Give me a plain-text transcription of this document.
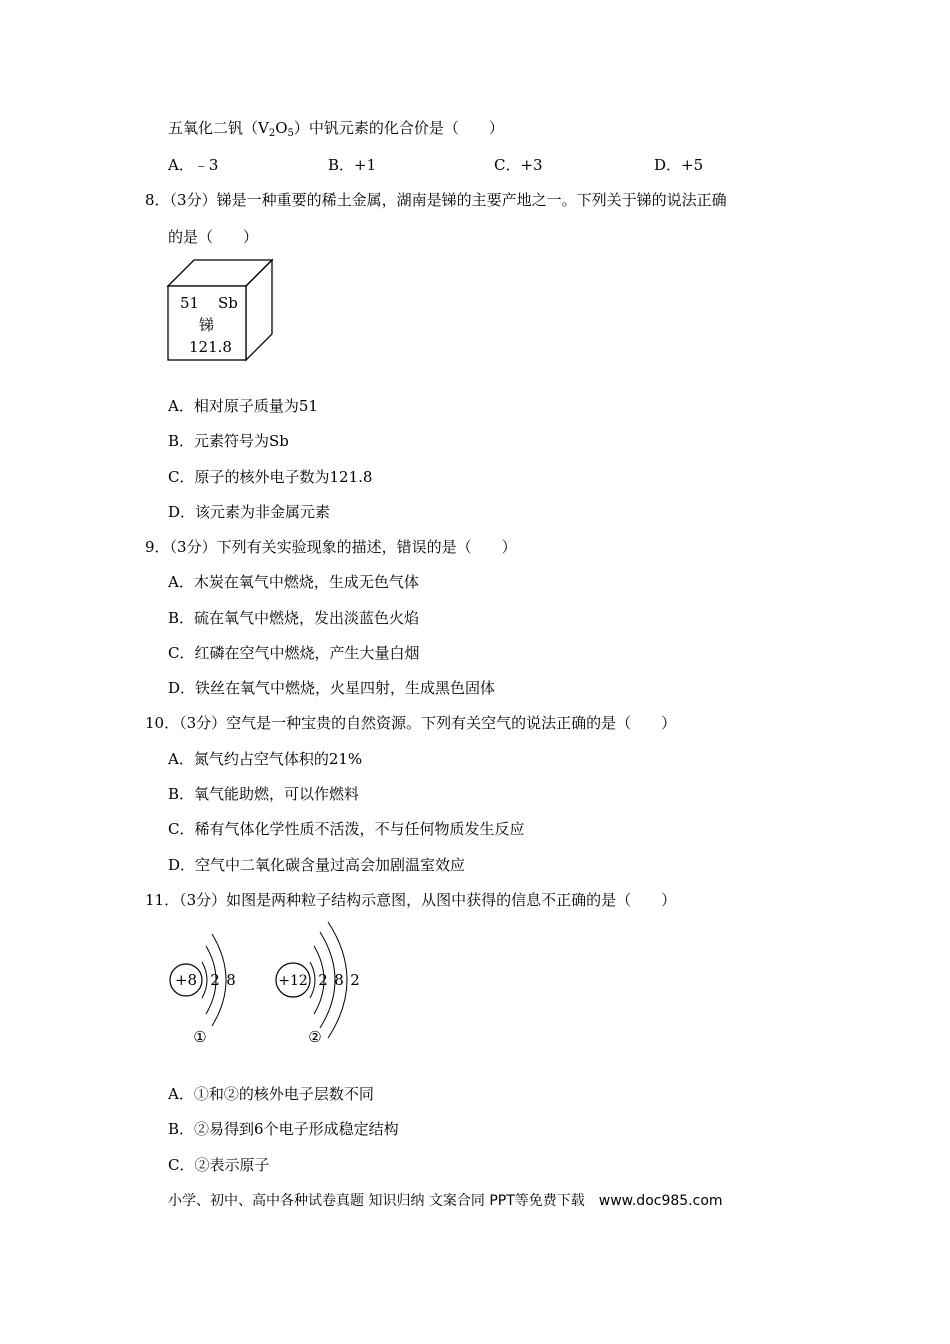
五氧化二钒$(V_2O_5)$中钒元素的化合价是（　　）
A．﹣3	B．+1	C．+3	D．+5
8．（3分）锑是一种重要的稀土金属，湖南是锑的主要产地之一。下列关于锑的说法正确
的是（　　）
51 Sb
锑
121.8
A．相对原子质量为51
B．元素符号为Sb
C．原子的核外电子数为121.8
D．该元素为非金属元素
9．（3分）下列有关实验现象的描述，错误的是（　　）
A．木炭在氧气中燃烧，生成无色气体
B．硫在氧气中燃烧，发出淡蓝色火焰
C．红磷在空气中燃烧，产生大量白烟
D．铁丝在氧气中燃烧，火星四射，生成黑色固体
10．（3分）空气是一种宝贵的自然资源。下列有关空气的说法正确的是（　　）
A．氮气约占空气体积的21%
B．氧气能助燃，可以作燃料
C．稀有气体化学性质不活泼，不与任何物质发生反应
D．空气中二氧化碳含量过高会加剧温室效应
11．（3分）如图是两种粒子结构示意图，从图中获得的信息不正确的是（　　）
+8 2 8
①
+12 2 8 2
②
A．①和②的核外电子层数不同
B．②易得到6个电子形成稳定结构
C．②表示原子
小学、初中、高中各种试卷真题 知识归纳 文案合同 PPT等免费下载　www.doc985.com
